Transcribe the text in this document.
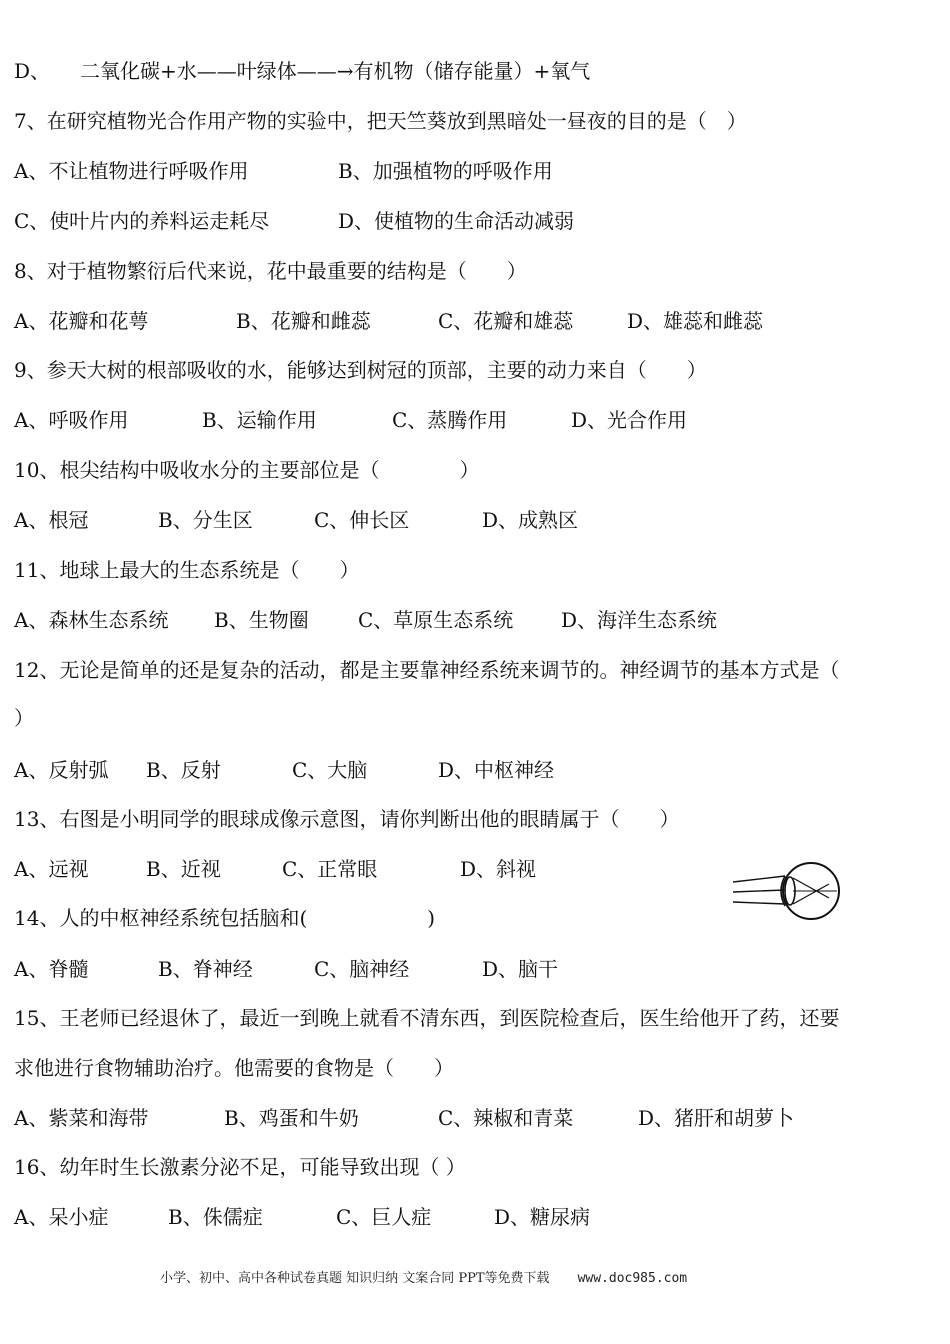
D、 二氧化碳+水——叶绿体——→有机物（储存能量）+氧气
7、在研究植物光合作用产物的实验中，把天竺葵放到黑暗处一昼夜的目的是（　）
A、不让植物进行呼吸作用	B、加强植物的呼吸作用
C、使叶片内的养料运走耗尽	D、使植物的生命活动减弱
8、对于植物繁衍后代来说，花中最重要的结构是（　　）
A、花瓣和花萼	B、花瓣和雌蕊	C、花瓣和雄蕊	D、雄蕊和雌蕊
9、参天大树的根部吸收的水，能够达到树冠的顶部，主要的动力来自（　　）
A、呼吸作用	B、运输作用	C、蒸腾作用	D、光合作用
10、根尖结构中吸收水分的主要部位是（　　　　）
A、根冠	B、分生区	C、伸长区	D、成熟区
11、地球上最大的生态系统是（　　）
A、森林生态系统 B、生物圈 C、草原生态系统 D、海洋生态系统
12、无论是简单的还是复杂的活动，都是主要靠神经系统来调节的。神经调节的基本方式是（
）
A、反射弧 B、反射	C、大脑	D、中枢神经
13、右图是小明同学的眼球成像示意图，请你判断出他的眼睛属于（　　）
A、远视	B、近视	C、正常眼	D、斜视
14、人的中枢神经系统包括脑和(　　　　　　)
A、脊髓	B、脊神经	C、脑神经	D、脑干
15、王老师已经退休了，最近一到晚上就看不清东西，到医院检查后，医生给他开了药，还要
求他进行食物辅助治疗。他需要的食物是（　　）
A、紫菜和海带	B、鸡蛋和牛奶	C、辣椒和青菜	D、猪肝和胡萝卜
16、幼年时生长激素分泌不足，可能导致出现（ ）
A、呆小症	B、侏儒症	C、巨人症	D、糖尿病
小学、初中、高中各种试卷真题 知识归纳 文案合同 PPT等免费下载 www.doc985.com
